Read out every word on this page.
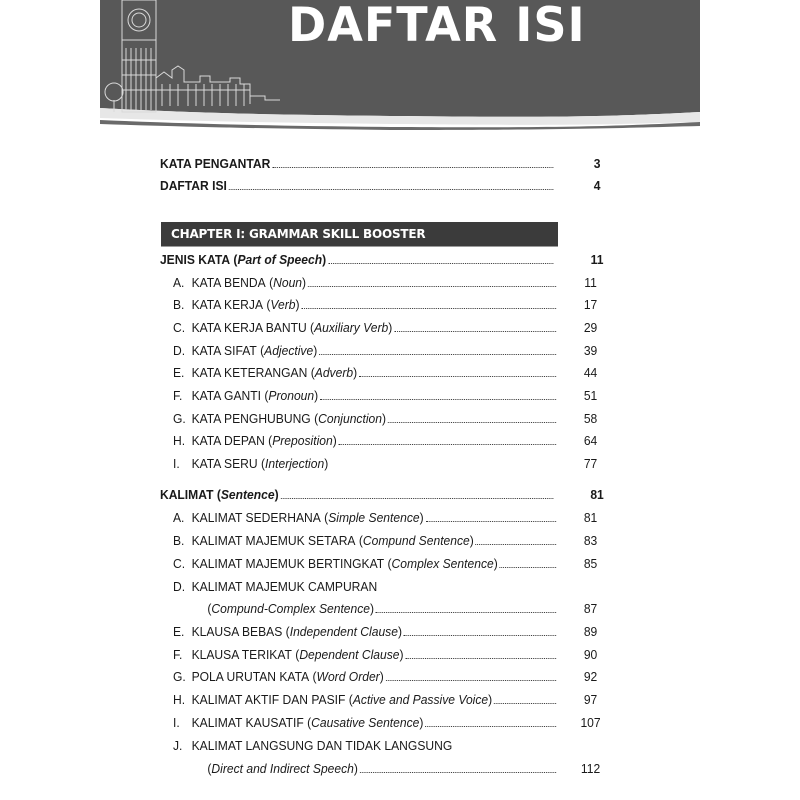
DAFTAR ISI
KATA PENGANTAR	3
DAFTAR ISI	4
CHAPTER I: GRAMMAR SKILL BOOSTER
JENIS KATA ( Part of Speech )	11
A. KATA BENDA ( Noun )	11
B. KATA KERJA ( Verb )	17
C. KATA KERJA BANTU ( Auxiliary Verb )	29
D. KATA SIFAT ( Adjective )	39
E. KATA KETERANGAN ( Adverb )	44
F. KATA GANTI ( Pronoun )	51
G. KATA PENGHUBUNG ( Conjunction )	58
H. KATA DEPAN ( Preposition )	64
I. KATA SERU ( Interjection )	77
KALIMAT ( Sentence )	81
A. KALIMAT SEDERHANA ( Simple Sentence )	81
B. KALIMAT MAJEMUK SETARA ( Compund Sentence )	83
C. KALIMAT MAJEMUK BERTINGKAT ( Complex Sentence )	85
D. KALIMAT MAJEMUK CAMPURAN
( Compund-Complex Sentence )	87
E. KLAUSA BEBAS ( Independent Clause )	89
F. KLAUSA TERIKAT ( Dependent Clause )	90
G. POLA URUTAN KATA ( Word Order )	92
H. KALIMAT AKTIF DAN PASIF ( Active and Passive Voice )	97
I. KALIMAT KAUSATIF ( Causative Sentence )	107
J. KALIMAT LANGSUNG DAN TIDAK LANGSUNG
( Direct and Indirect Speech )	112
